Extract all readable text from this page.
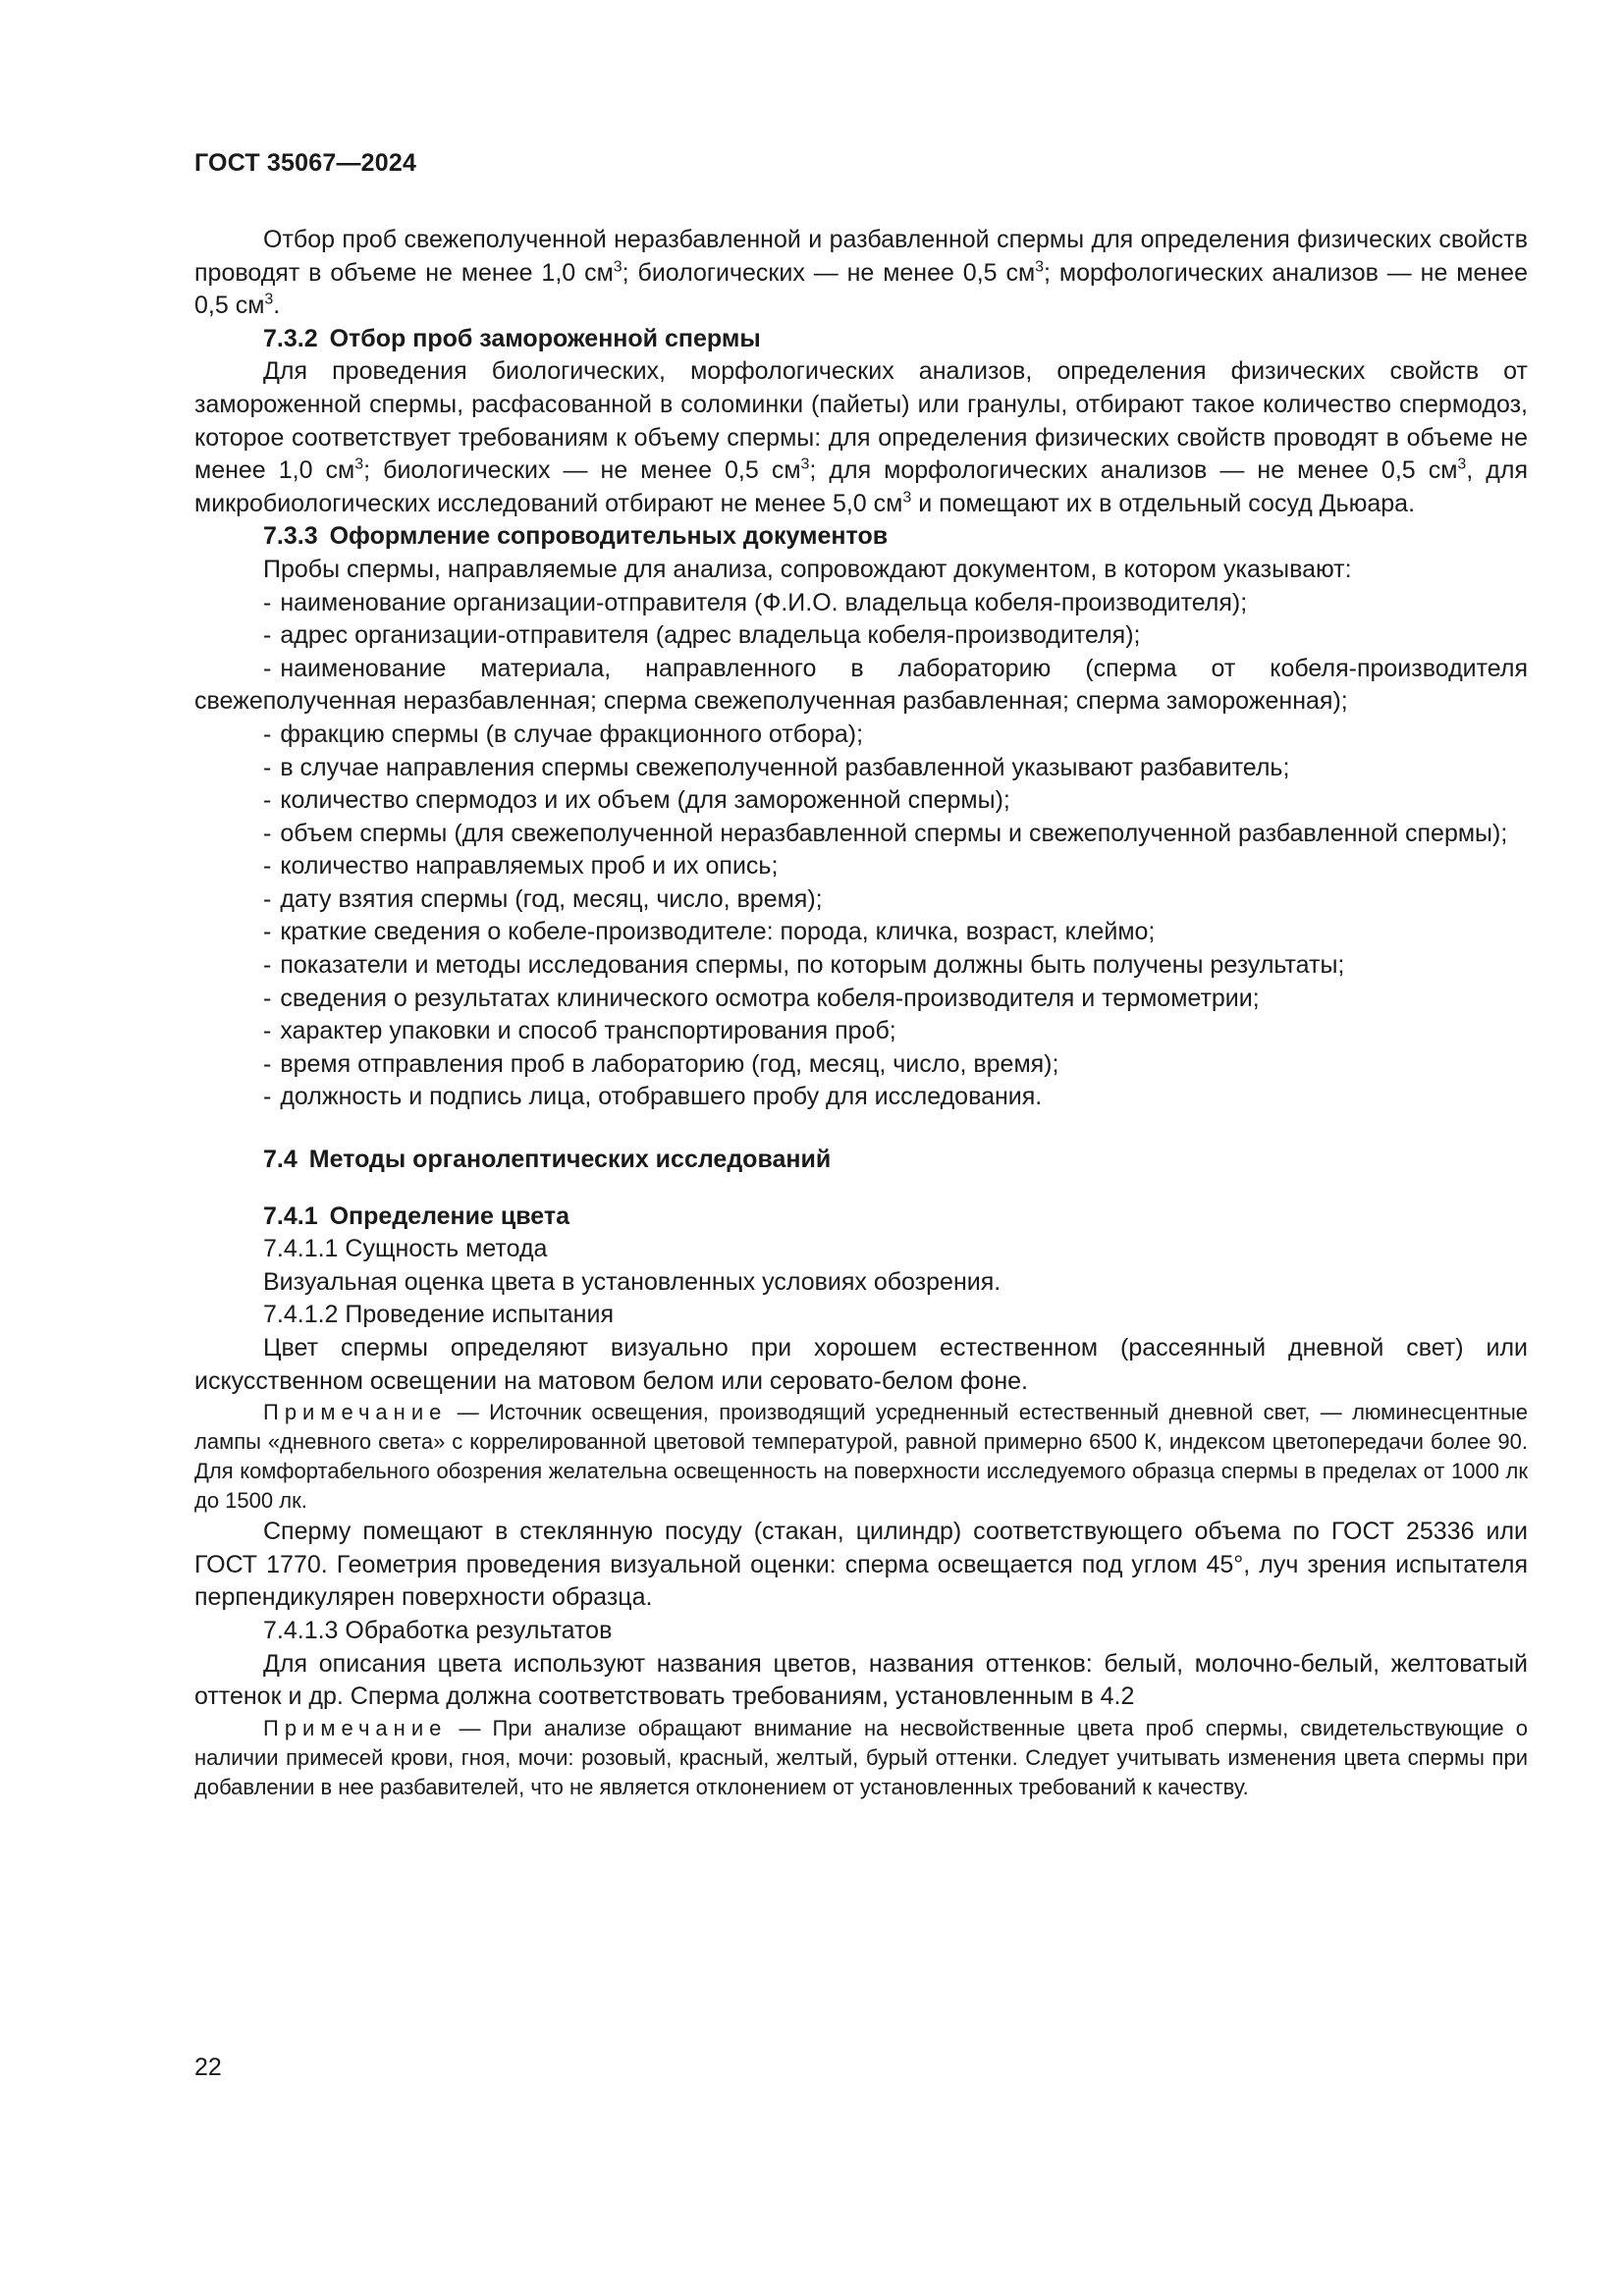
ГОСТ 35067—2024

Отбор проб свежеполученной неразбавленной и разбавленной спермы для определения физических свойств проводят в объеме не менее 1,0 $см^3$; биологических — не менее 0,5 $см^3$; морфологических анализов — не менее 0,5 $см^3$.

7.3.2 Отбор проб замороженной спермы

Для проведения биологических, морфологических анализов, определения физических свойств от замороженной спермы, расфасованной в соломинки (пайеты) или гранулы, отбирают такое количество спермодоз, которое соответствует требованиям к объему спермы: для определения физических свойств проводят в объеме не менее 1,0 $см^3$; биологических — не менее 0,5 $см^3$; для морфологических анализов — не менее 0,5 $см^3$, для микробиологических исследований отбирают не менее 5,0 $см^3$ и помещают их в отдельный сосуд Дьюара.

7.3.3 Оформление сопроводительных документов

Пробы спермы, направляемые для анализа, сопровождают документом, в котором указывают:

- наименование организации-отправителя (Ф.И.О. владельца кобеля-производителя);

- адрес организации-отправителя (адрес владельца кобеля-производителя);

- наименование материала, направленного в лабораторию (сперма от кобеля-производителя свежеполученная неразбавленная; сперма свежеполученная разбавленная; сперма замороженная);

- фракцию спермы (в случае фракционного отбора);

- в случае направления спермы свежеполученной разбавленной указывают разбавитель;

- количество спермодоз и их объем (для замороженной спермы);

- объем спермы (для свежеполученной неразбавленной спермы и свежеполученной разбавленной спермы);

- количество направляемых проб и их опись;

- дату взятия спермы (год, месяц, число, время);

- краткие сведения о кобеле-производителе: порода, кличка, возраст, клеймо;

- показатели и методы исследования спермы, по которым должны быть получены результаты;

- сведения о результатах клинического осмотра кобеля-производителя и термометрии;

- характер упаковки и способ транспортирования проб;

- время отправления проб в лабораторию (год, месяц, число, время);

- должность и подпись лица, отобравшего пробу для исследования.

7.4 Методы органолептических исследований

7.4.1 Определение цвета

7.4.1.1 Сущность метода

Визуальная оценка цвета в установленных условиях обозрения.

7.4.1.2 Проведение испытания

Цвет спермы определяют визуально при хорошем естественном (рассеянный дневной свет) или искусственном освещении на матовом белом или серовато-белом фоне.

Примечание — Источник освещения, производящий усредненный естественный дневной свет, — люминесцентные лампы «дневного света» с коррелированной цветовой температурой, равной примерно 6500 К, индексом цветопередачи более 90. Для комфортабельного обозрения желательна освещенность на поверхности исследуемого образца спермы в пределах от 1000 лк до 1500 лк.

Сперму помещают в стеклянную посуду (стакан, цилиндр) соответствующего объема по ГОСТ 25336 или ГОСТ 1770. Геометрия проведения визуальной оценки: сперма освещается под углом 45°, луч зрения испытателя перпендикулярен поверхности образца.

7.4.1.3 Обработка результатов

Для описания цвета используют названия цветов, названия оттенков: белый, молочно-белый, желтоватый оттенок и др. Сперма должна соответствовать требованиям, установленным в 4.2

Примечание — При анализе обращают внимание на несвойственные цвета проб спермы, свидетельствующие о наличии примесей крови, гноя, мочи: розовый, красный, желтый, бурый оттенки. Следует учитывать изменения цвета спермы при добавлении в нее разбавителей, что не является отклонением от установленных требований к качеству.

22
